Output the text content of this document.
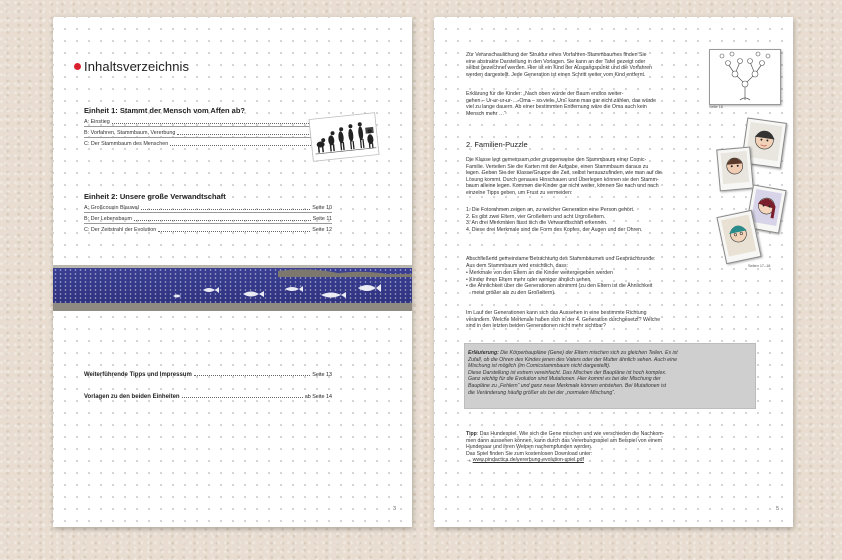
Inhaltsverzeichnis
Einheit 1: Stammt der Mensch vom Affen ab?
A: Einstieg
B: Vorfahren, Stammbaum, Vererbung
C: Der Stammbaum des Menschen
Einheit 2: Unsere große Verwandtschaft
A: Großcousin Blauwal	Seite 10
B: Der Lebensbaum	Seite 11
C: Der Zeitstrahl der Evolution	Seite 12
Weiterführende Tipps und Impressum	Seite 13
Vorlagen zu den beiden Einheiten	ab Seite 14
3
Zur Veranschaulichung der Struktur eines Vorfahren-Stammbaumes finden Sie
eine abstrakte Darstellung in den Vorlagen. Sie kann an der Tafel gezeigt oder
selbst gezeichnet werden. Hier ist ein Kind der Ausgangspunkt und die Vorfahren
werden dargestellt. Jede Generation ist einen Schritt weiter vom Kind entfernt.
Seite 16
Erklärung für die Kinder: „Nach oben würde der Baum endlos weiter-
gehen – Ur-ur-ur-ur-…-Oma – so viele „Urs“ kann man gar nicht zählen, das würde
viel zu lange dauern. Ab einer bestimmten Entfernung wäre die Oma auch kein
Mensch mehr …“
2. Familien-Puzzle
Die Klasse legt gemeinsam oder gruppenweise den Stammbaum einer Comic-
Familie. Verteilen Sie die Karten mit der Aufgabe, einen Stammbaum daraus zu
legen. Geben Sie der Klasse/Gruppe die Zeit, selbst herauszufinden, wie man auf die
Lösung kommt. Durch genaues Hinschauen und Überlegen können sie den Stamm-
baum alleine legen. Kommen die Kinder gar nicht weiter, können Sie nach und nach
einzelne Tipps geben, um Frust zu vermeiden:
1. Die Fotorahmen zeigen an, zu welcher Generation eine Person gehört.
2. Es gibt zwei Eltern, vier Großeltern und acht Urgroßeltern.
3. An drei Merkmalen lässt sich die Verwandtschaft erkennen.
4. Diese drei Merkmale sind die Form des Kopfes, der Augen und der Ohren.
Seiten 17–18
Abschließend gemeinsame Betrachtung des Stammbaumes und Gesprächsrunde:
Aus dem Stammbaum wird ersichtlich, dass:
• Merkmale von den Eltern an die Kinder weitergegeben werden
• Kinder ihren Eltern mehr oder weniger ähnlich sehen
• die Ähnlichkeit über die Generationen abnimmt (zu den Eltern ist die Ähnlichkeit
meist größer als zu den Großeltern).
Im Lauf der Generationen kann sich das Aussehen in eine bestimmte Richtung
verändern. Welche Merkmale haben sich in der 4. Generation durchgesetzt? Welche
sind in den letzten beiden Generationen nicht mehr sichtbar?
Erläuterung: Die Körperbaupläne (Gene) der Eltern mischen sich zu gleichen Teilen. Es ist
Zufall, ob die Ohren des Kindes jenen des Vaters oder der Mutter ähnlich sehen. Auch eine
Mischung ist möglich (im Comicstammbaum nicht dargestellt).
Diese Darstellung ist extrem vereinfacht. Das Mischen der Baupläne ist hoch komplex.
Ganz wichtig für die Evolution sind Mutationen. Hier kommt es bei der Mischung der
Baupläne zu „Fehlern“ und ganz neue Merkmale können entstehen. Bei Mutationen ist
die Veränderung häufig größer als bei der „normalen Mischung“.
Tipp: Das Hundespiel. Wie sich die Gene mischen und wie verschieden die Nachkom-
men dann aussehen können, kann durch das Vererbungsspiel am Beispiel von einem
Hundepaar und ihren Welpen nachempfunden werden.
Das Spiel finden Sie zum kostenlosen Download unter:
→ www.pindactica.de/vererbung-evolution-spiel.pdf
5
